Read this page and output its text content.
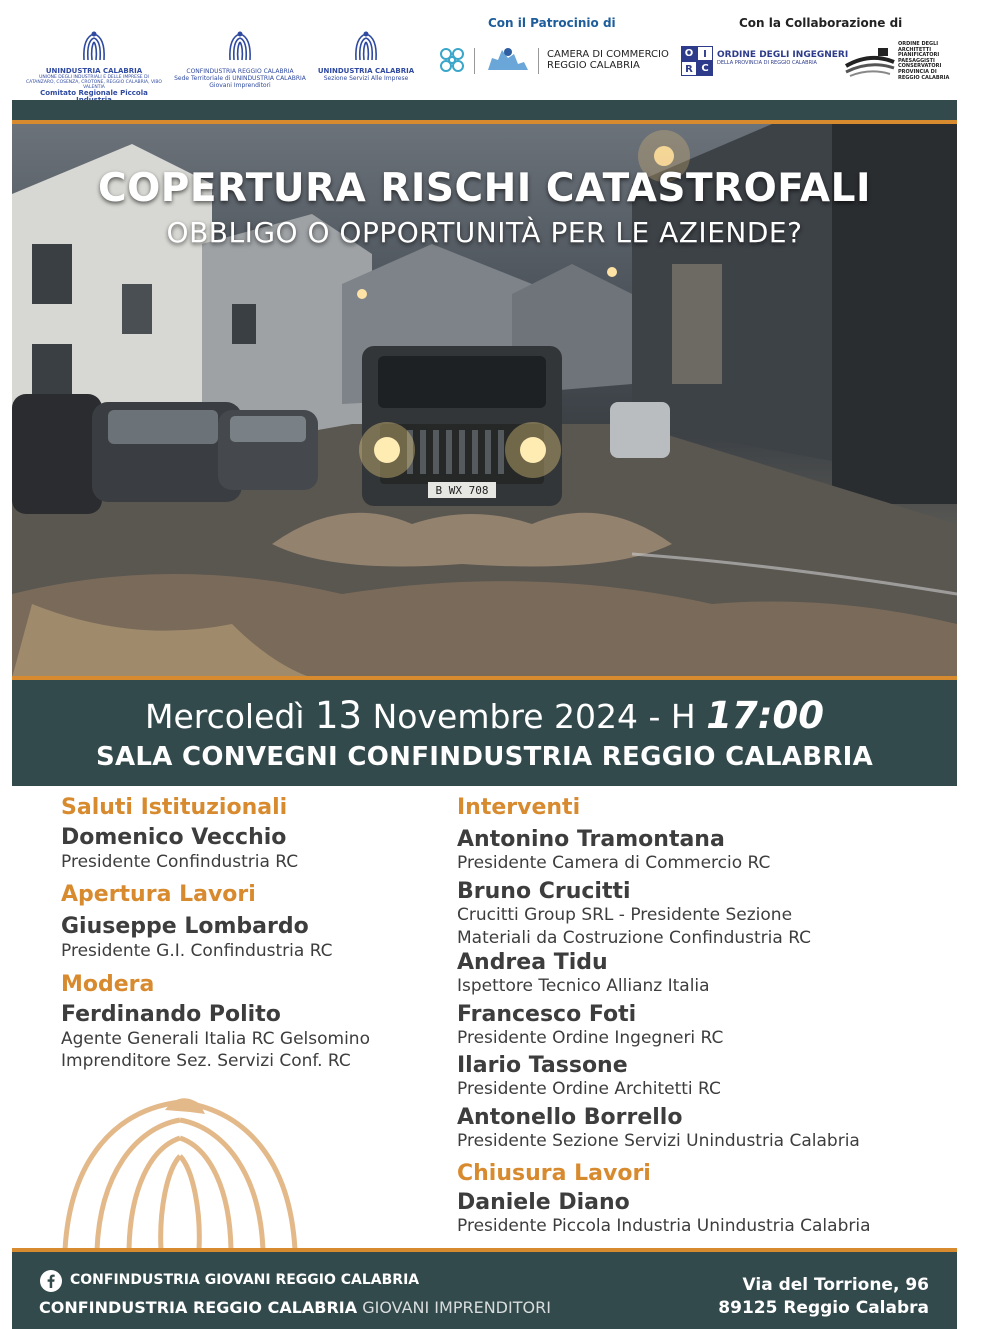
UNINDUSTRIA CALABRIA
UNIONE DEGLI INDUSTRIALI E DELLE IMPRESE DI CATANZARO, COSENZA, CROTONE, REGGIO CALABRIA, VIBO VALENTIA
Comitato Regionale Piccola
CONFINDUSTRIA REGGIO CALABRIA
Sede Territoriale di UNINDUSTRIA CALABRIA
Giovani Imprenditori
UNINDUSTRIA CALABRIA
Sezione Servizi Alle Imprese
Con il Patrocinio di
CAMERA DI COMMERCIO
REGGIO CALABRIA
Con la Collaborazione di
O I
R C
ORDINE DEGLI INGEGNERI
DELLA PROVINCIA DI REGGIO CALABRIA
ORDINE DEGLI
ARCHITETTI
PIANIFICATORI
PAESAGGISTI
CONSERVATORI
PROVINCIA DI
REGGIO CALABRIA
B WX 708
COPERTURA RISCHI CATASTROFALI
OBBLIGO O OPPORTUNITÀ PER LE AZIENDE?
Mercoledì 13 Novembre 2024 - H 17:00
SALA CONVEGNI CONFINDUSTRIA REGGIO CALABRIA
Saluti Istituzionali
Domenico Vecchio
Presidente Confindustria RC
Apertura Lavori
Giuseppe Lombardo
Presidente G.I. Confindustria RC
Modera
Ferdinando Polito
Agente Generali Italia RC Gelsomino
Imprenditore Sez. Servizi Conf. RC
Interventi
Antonino Tramontana
Presidente Camera di Commercio RC
Bruno Crucitti
Crucitti Group SRL - Presidente Sezione
Materiali da Costruzione Confindustria RC
Andrea Tidu
Ispettore Tecnico Allianz Italia
Francesco Foti
Presidente Ordine Ingegneri RC
Ilario Tassone
Presidente Ordine Architetti RC
Antonello Borrello
Presidente Sezione Servizi Unindustria Calabria
Chiusura Lavori
Daniele Diano
Presidente Piccola Industria Unindustria Calabria
CONFINDUSTRIA GIOVANI REGGIO CALABRIA
CONFINDUSTRIA REGGIO CALABRIA GIOVANI IMPRENDITORI
Via del Torrione, 96
89125 Reggio Calabra
